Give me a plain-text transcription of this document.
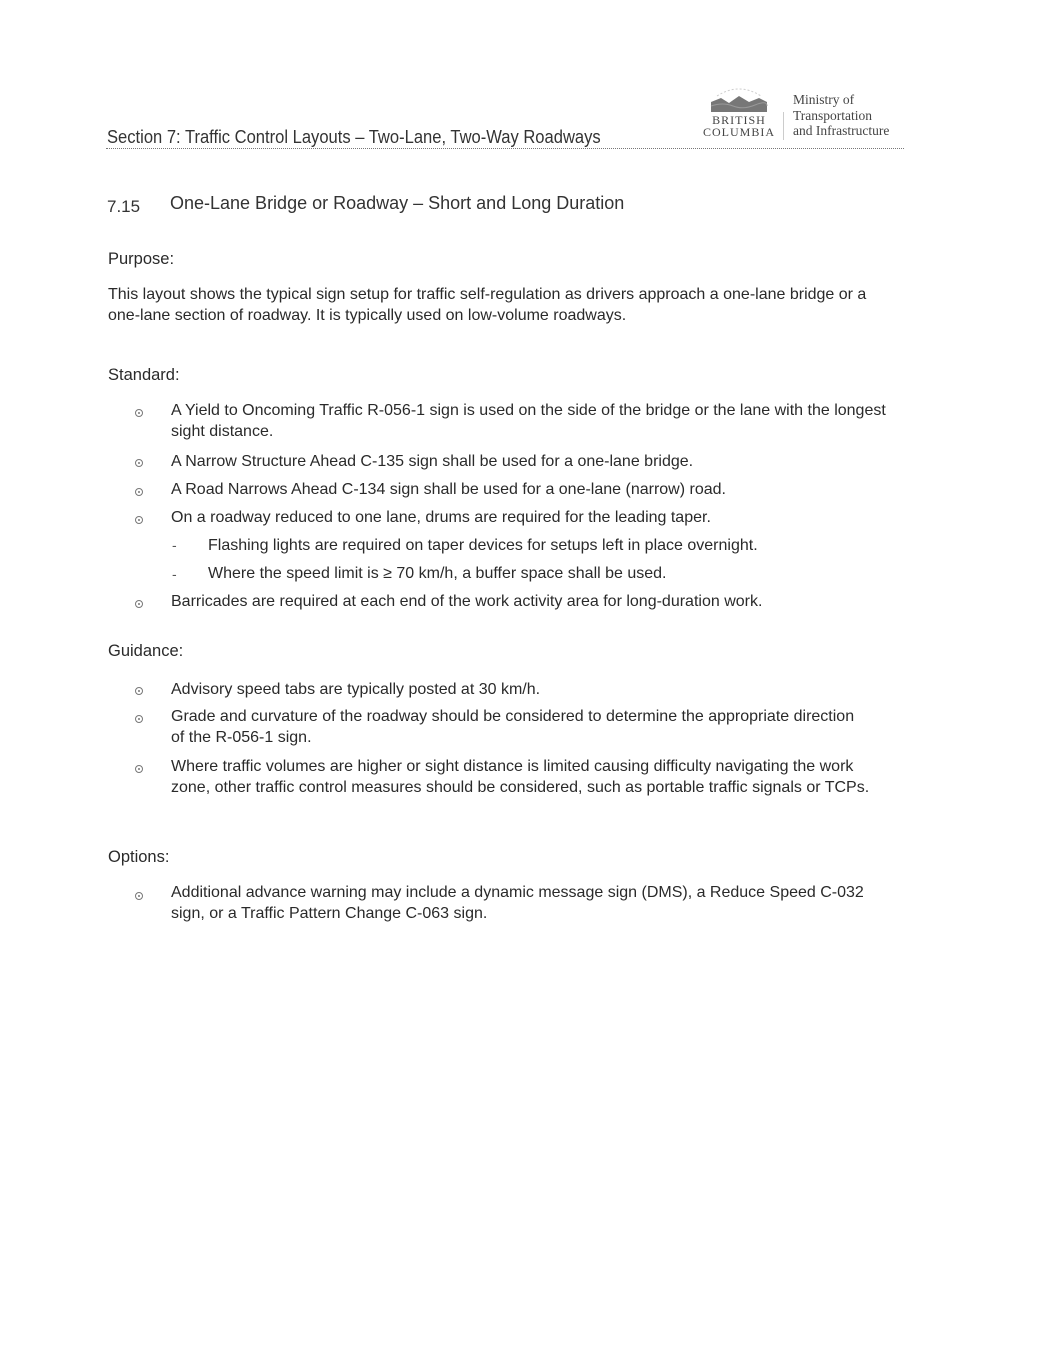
BRITISH
COLUMBIA
Ministry of
Transportation
and Infrastructure
Section 7: Traffic Control Layouts – Two-Lane, Two-Way Roadways
7.15 One-Lane Bridge or Roadway – Short and Long Duration
Purpose:
This layout shows the typical sign setup for traffic self-regulation as drivers approach a one-lane bridge or a one-lane section of roadway. It is typically used on low-volume roadways.
Standard:
A Yield to Oncoming Traffic R-056-1 sign is used on the side of the bridge or the lane with the longest sight distance.
A Narrow Structure Ahead C-135 sign shall be used for a one-lane bridge.
A Road Narrows Ahead C-134 sign shall be used for a one-lane (narrow) road.
On a roadway reduced to one lane, drums are required for the leading taper.
- Flashing lights are required on taper devices for setups left in place overnight.
- Where the speed limit is ≥ 70 km/h, a buffer space shall be used.
Barricades are required at each end of the work activity area for long-duration work.
Guidance:
Advisory speed tabs are typically posted at 30 km/h.
Grade and curvature of the roadway should be considered to determine the appropriate direction of the R-056-1 sign.
Where traffic volumes are higher or sight distance is limited causing difficulty navigating the work zone, other traffic control measures should be considered, such as portable traffic signals or TCPs.
Options:
Additional advance warning may include a dynamic message sign (DMS), a Reduce Speed C-032 sign, or a Traffic Pattern Change C-063 sign.
